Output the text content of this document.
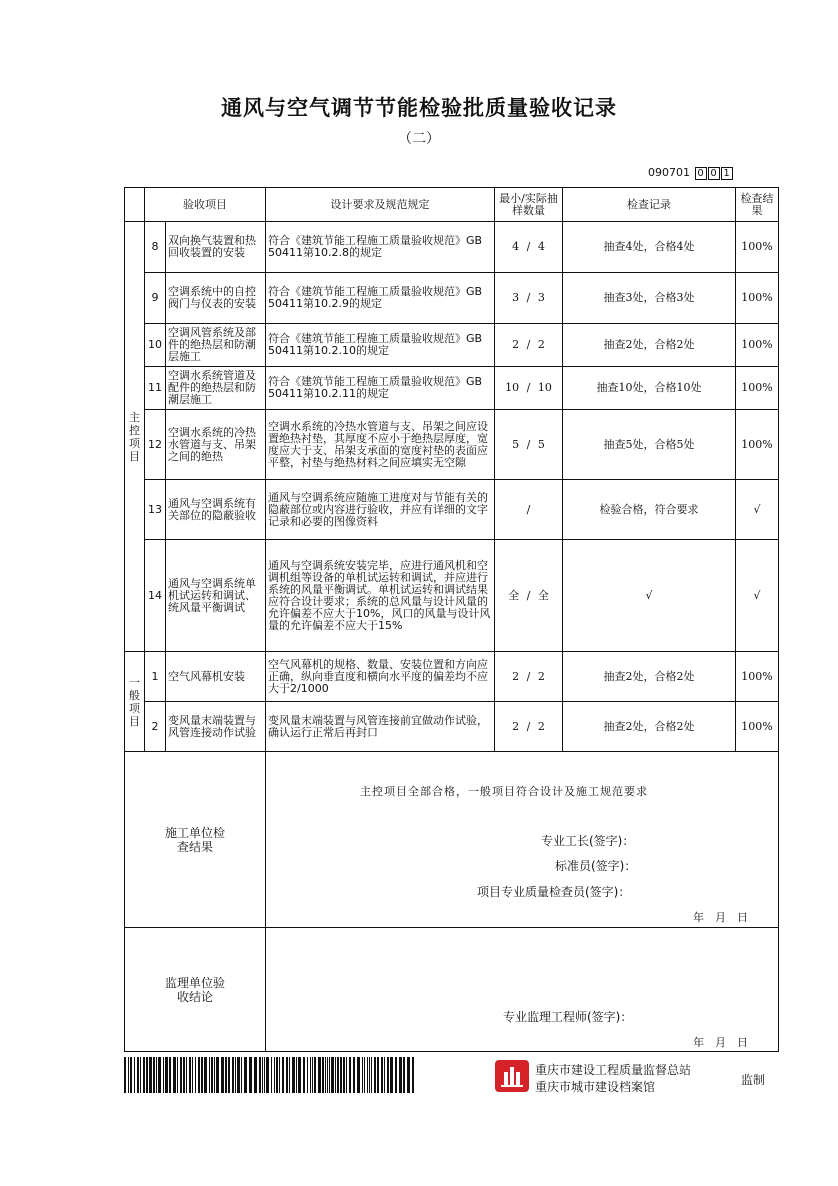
通风与空气调节节能检验批质量验收记录
（二）
090701 0 0 1
	验收项目		设计要求及规范规定	最小/实际抽样数量	检查记录	检查结果
主控项目	8	双向换气装置和热回收装置的安装	符合《建筑节能工程施工质量验收规范》GB 50411第10.2.8的规定	4 / 4	抽查4处，合格4处	100%
	9	空调系统中的自控阀门与仪表的安装	符合《建筑节能工程施工质量验收规范》GB 50411第10.2.9的规定	3 / 3	抽查3处，合格3处	100%
	10	空调风管系统及部件的绝热层和防潮层施工	符合《建筑节能工程施工质量验收规范》GB 50411第10.2.10的规定	2 / 2	抽查2处，合格2处	100%
	11	空调水系统管道及配件的绝热层和防潮层施工	符合《建筑节能工程施工质量验收规范》GB 50411第10.2.11的规定	10 / 10	抽查10处，合格10处	100%
	12	空调水系统的冷热水管道与支、吊架之间的绝热	空调水系统的冷热水管道与支、吊架之间应设置绝热衬垫，其厚度不应小于绝热层厚度，宽度应大于支、吊架支承面的宽度衬垫的表面应平整，衬垫与绝热材料之间应填实无空隙	5 / 5	抽查5处，合格5处	100%
	13	通风与空调系统有关部位的隐蔽验收	通风与空调系统应随施工进度对与节能有关的隐蔽部位或内容进行验收，并应有详细的文字记录和必要的图像资料	/	检验合格，符合要求	√
	14	通风与空调系统单机试运转和调试、统风量平衡调试	通风与空调系统安装完毕，应进行通风机和空调机组等设备的单机试运转和调试，并应进行系统的风量平衡调试。单机试运转和调试结果应符合设计要求；系统的总风量与设计风量的允许偏差不应大于10%，风口的风量与设计风量的允许偏差不应大于15%	全 / 全	√	√
一般项目	1	空气风幕机安装	空气风幕机的规格、数量、安装位置和方向应正确，纵向垂直度和横向水平度的偏差均不应大于2/1000	2 / 2	抽查2处，合格2处	100%
	2	变风量末端装置与风管连接动作试验	变风量末端装置与风管连接前宜做动作试验，确认运行正常后再封口	2 / 2	抽查2处，合格2处	100%
施工单位检查结果						
监理单位验收结论						
主控项目全部合格，一般项目符合设计及施工规范要求
专业工长(签字)：
标准员(签字)：
项目专业质量检查员(签字)：
年　月　日
专业监理工程师(签字)：
年　月　日
重庆市建设工程质量监督总站
重庆市城市建设档案馆	监制
